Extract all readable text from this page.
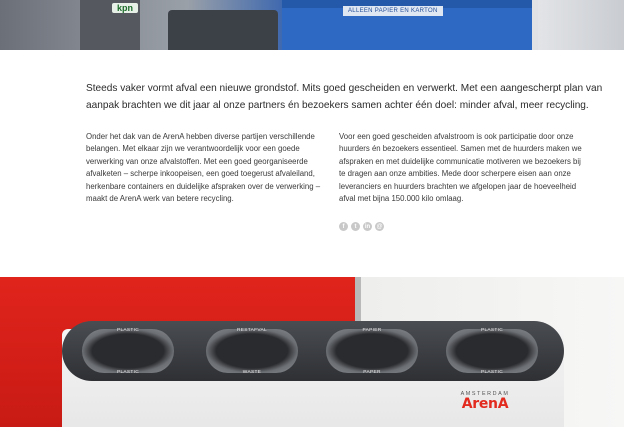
kpn	ALLEEN PAPIER EN KARTON

Steeds vaker vormt afval een nieuwe grondstof. Mits goed gescheiden en verwerkt. Met een aangescherpt plan van aanpak brachten we dit jaar al onze partners én bezoekers samen achter één doel: minder afval, meer recycling.

Onder het dak van de ArenA hebben diverse partijen verschillende belangen. Met elkaar zijn we verantwoordelijk voor een goede verwerking van onze afvalstoffen. Met een goed georganiseerde afvalketen – scherpe inkoopeisen, een goed toegerust afvaleiland, herkenbare containers en duidelijke afspraken over de verwerking – maakt de ArenA werk van betere recycling.

Voor een goed gescheiden afvalstroom is ook participatie door onze huurders én bezoekers essentieel. Samen met de huurders maken we afspraken en met duidelijke communicatie motiveren we bezoekers bij te dragen aan onze ambities. Mede door scherpere eisen aan onze leveranciers en huurders brachten we afgelopen jaar de hoeveelheid afval met bijna 150.000 kilo omlaag.

f	t	in	@
PLASTIC
PLASTIC
RESTAFVAL
WASTE
PAPIER
PAPER
PLASTIC
PLASTIC
AMSTERDAM
ArenA
